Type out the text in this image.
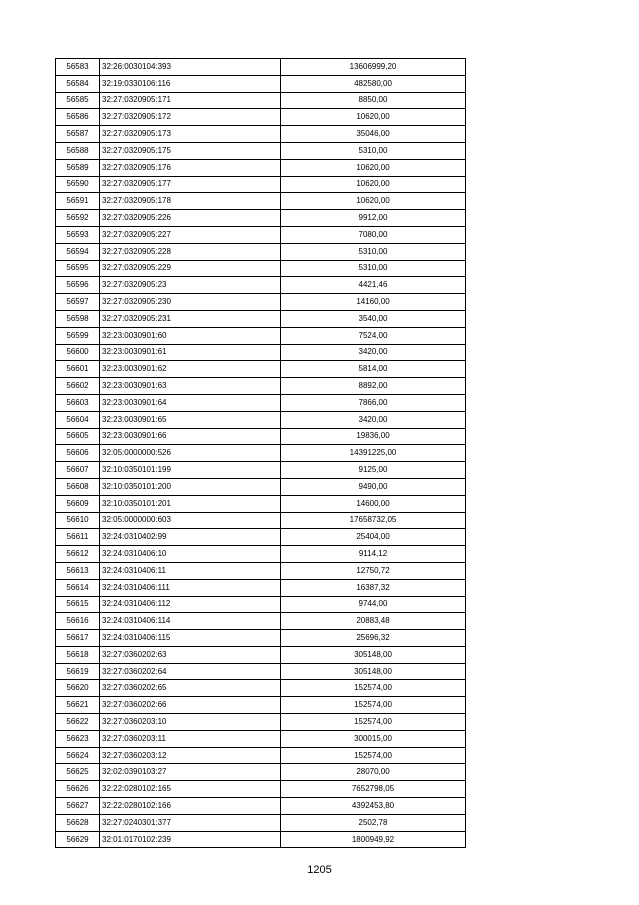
56583	32:26:0030104:393	13606999,20
56584	32:19:0330106:116	482580,00
56585	32:27:0320905:171	8850,00
56586	32:27:0320905:172	10620,00
56587	32:27:0320905:173	35046,00
56588	32:27:0320905:175	5310,00
56589	32:27:0320905:176	10620,00
56590	32:27:0320905:177	10620,00
56591	32:27:0320905:178	10620,00
56592	32:27:0320905:226	9912,00
56593	32:27:0320905:227	7080,00
56594	32:27:0320905:228	5310,00
56595	32:27:0320905:229	5310,00
56596	32:27:0320905:23	4421,46
56597	32:27:0320905:230	14160,00
56598	32:27:0320905:231	3540,00
56599	32:23:0030901:60	7524,00
56600	32:23:0030901:61	3420,00
56601	32:23:0030901:62	5814,00
56602	32:23:0030901:63	8892,00
56603	32:23:0030901:64	7866,00
56604	32:23:0030901:65	3420,00
56605	32:23:0030901:66	19836,00
56606	32:05:0000000:526	14391225,00
56607	32:10:0350101:199	9125,00
56608	32:10:0350101:200	9490,00
56609	32:10:0350101:201	14600,00
56610	32:05:0000000:603	17658732,05
56611	32:24:0310402:99	25404,00
56612	32:24:0310406:10	9114,12
56613	32:24:0310406:11	12750,72
56614	32:24:0310406:111	16387,32
56615	32:24:0310406:112	9744,00
56616	32:24:0310406:114	20883,48
56617	32:24:0310406:115	25696,32
56618	32:27:0360202:63	305148,00
56619	32:27:0360202:64	305148,00
56620	32:27:0360202:65	152574,00
56621	32:27:0360202:66	152574,00
56622	32:27:0360203:10	152574,00
56623	32:27:0360203:11	300015,00
56624	32:27:0360203:12	152574,00
56625	32:02:0390103:27	28070,00
56626	32:22:0280102:165	7652798,05
56627	32:22:0280102:166	4392453,80
56628	32:27:0240301:377	2502,78
56629	32:01:0170102:239	1800949,92
1205
